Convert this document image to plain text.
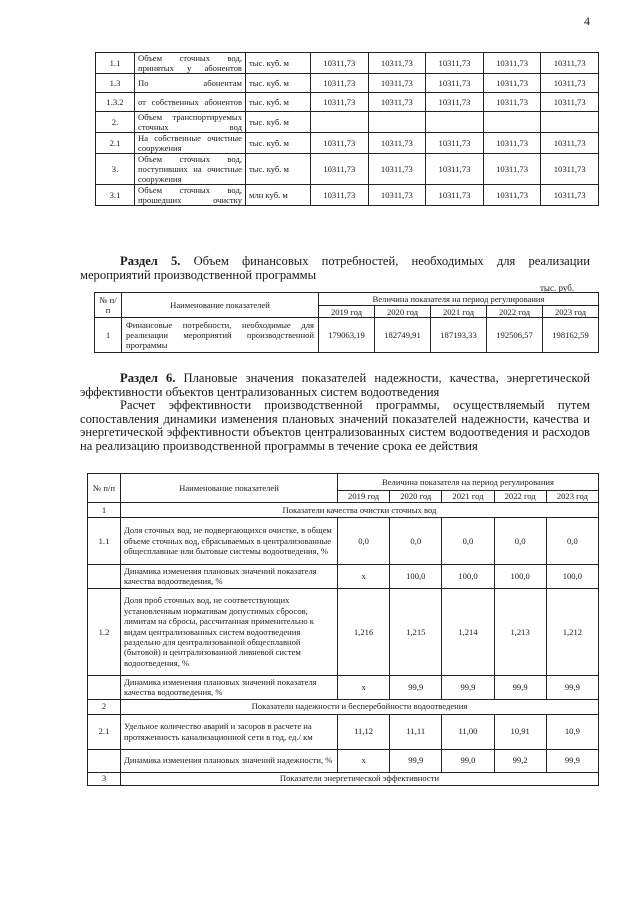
4
1.1	Объем сточных вод, принятых у абонентов	тыс. куб. м	10311,73	10311,73	10311,73	10311,73	10311,73
1.3	По абонентам	тыс. куб. м	10311,73	10311,73	10311,73	10311,73	10311,73
1.3.2	от собственных абонентов	тыс. куб. м	10311,73	10311,73	10311,73	10311,73	10311,73
2.	Объем транспортируемых сточных вод	тыс. куб. м					
2.1	На собственные очистные сооружения	тыс. куб. м	10311,73	10311,73	10311,73	10311,73	10311,73
3.	Объем сточных вод, поступивших на очистные сооружения	тыс. куб. м	10311,73	10311,73	10311,73	10311,73	10311,73
3.1	Объем сточных вод, прошедших очистку	млн куб. м	10311,73	10311,73	10311,73	10311,73	10311,73
Раздел 5. Объем финансовых потребностей, необходимых для реализации мероприятий производственной программы
тыс. руб.
№ п/п	Наименование показателей	Величина показателя на период регулирования				
		2019 год	2020 год	2021 год	2022 год	2023 год
1	Финансовые потребности, необходимые для реализации мероприятий производственной программы	179063,19	182749,91	187193,33	192506,57	198162,59
Раздел 6. Плановые значения показателей надежности, качества, энергетической эффективности объектов централизованных систем водоотведения
Расчет эффективности производственной программы, осуществляемый путем сопоставления динамики изменения плановых значений показателей надежности, качества и энергетической эффективности объектов централизованных систем водоотведения и расходов на реализацию производственной программы в течение срока ее действия
№ п/п	Наименование показателей	Величина показателя на период регулирования				
		2019 год	2020 год	2021 год	2022 год	2023 год
1	Показатели качества очистки сточных вод					
1.1	Доля сточных вод, не подвергающихся очистке, в общем объеме сточных вод, сбрасываемых в централизованные общесплавные или бытовые системы водоотведения, %	0,0	0,0	0,0	0,0	0,0
	Динамика изменения плановых значений показателя качества водоотведения, %	х	100,0	100,0	100,0	100,0
1.2	Доля проб сточных вод, не соответствующих установленным нормативам допустимых сбросов, лимитам на сбросы, рассчитанная применительно к видам централизованных систем водоотведения раздельно для централизованной общесплавной (бытовой) и централизованной ливневой систем водоотведения, %	1,216	1,215	1,214	1,213	1,212
	Динамика изменения плановых значений показателя качества водоотведения, %	х	99,9	99,9	99,9	99,9
2	Показатели надежности и бесперебойности водоотведения					
2.1	Удельное количество аварий и засоров в расчете на протяженность канализационной сети в год, ед./ км	11,12	11,11	11,00	10,91	10,9
	Динамика изменения плановых значений надежности, %	х	99,9	99,0	99,2	99,9
3	Показатели энергетической эффективности					
